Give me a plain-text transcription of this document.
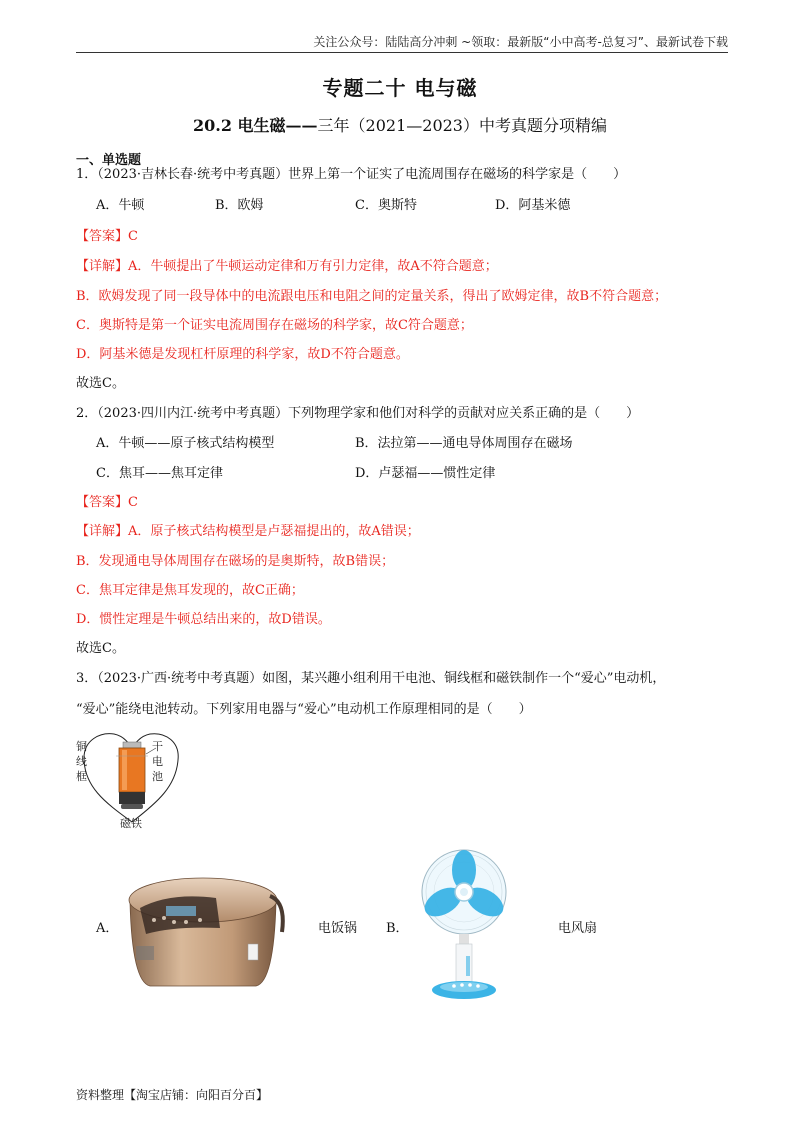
关注公众号：陆陆高分冲刺 ~领取：最新版“小中高考-总复习”、最新试卷下载
专题二十 电与磁
20.2 电生磁——三年（2021—2023）中考真题分项精编
一、单选题
1．（2023·吉林长春·统考中考真题）世界上第一个证实了电流周围存在磁场的科学家是（　　）
A．牛顿	B．欧姆	C．奥斯特	D．阿基米德
【答案】C
【详解】A．牛顿提出了牛顿运动定律和万有引力定律，故A不符合题意；
B．欧姆发现了同一段导体中的电流跟电压和电阻之间的定量关系，得出了欧姆定律，故B不符合题意；
C．奥斯特是第一个证实电流周围存在磁场的科学家，故C符合题意；
D．阿基米德是发现杠杆原理的科学家，故D不符合题意。
故选C。
2．（2023·四川内江·统考中考真题）下列物理学家和他们对科学的贡献对应关系正确的是（　　）
A．牛顿——原子核式结构模型	B．法拉第——通电导体周围存在磁场
C．焦耳——焦耳定律	D．卢瑟福——惯性定律
【答案】C
【详解】A．原子核式结构模型是卢瑟福提出的，故A错误；
B．发现通电导体周围存在磁场的是奥斯特，故B错误；
C．焦耳定律是焦耳发现的，故C正确；
D．惯性定理是牛顿总结出来的，故D错误。
故选C。
3．（2023·广西·统考中考真题）如图，某兴趣小组利用干电池、铜线框和磁铁制作一个“爱心”电动机，
“爱心”能绕电池转动。下列家用电器与“爱心”电动机工作原理相同的是（　　）
铜
线
框
干
电
池
磁铁
A．	电饭锅 B．	电风扇
资料整理【淘宝店铺：向阳百分百】
